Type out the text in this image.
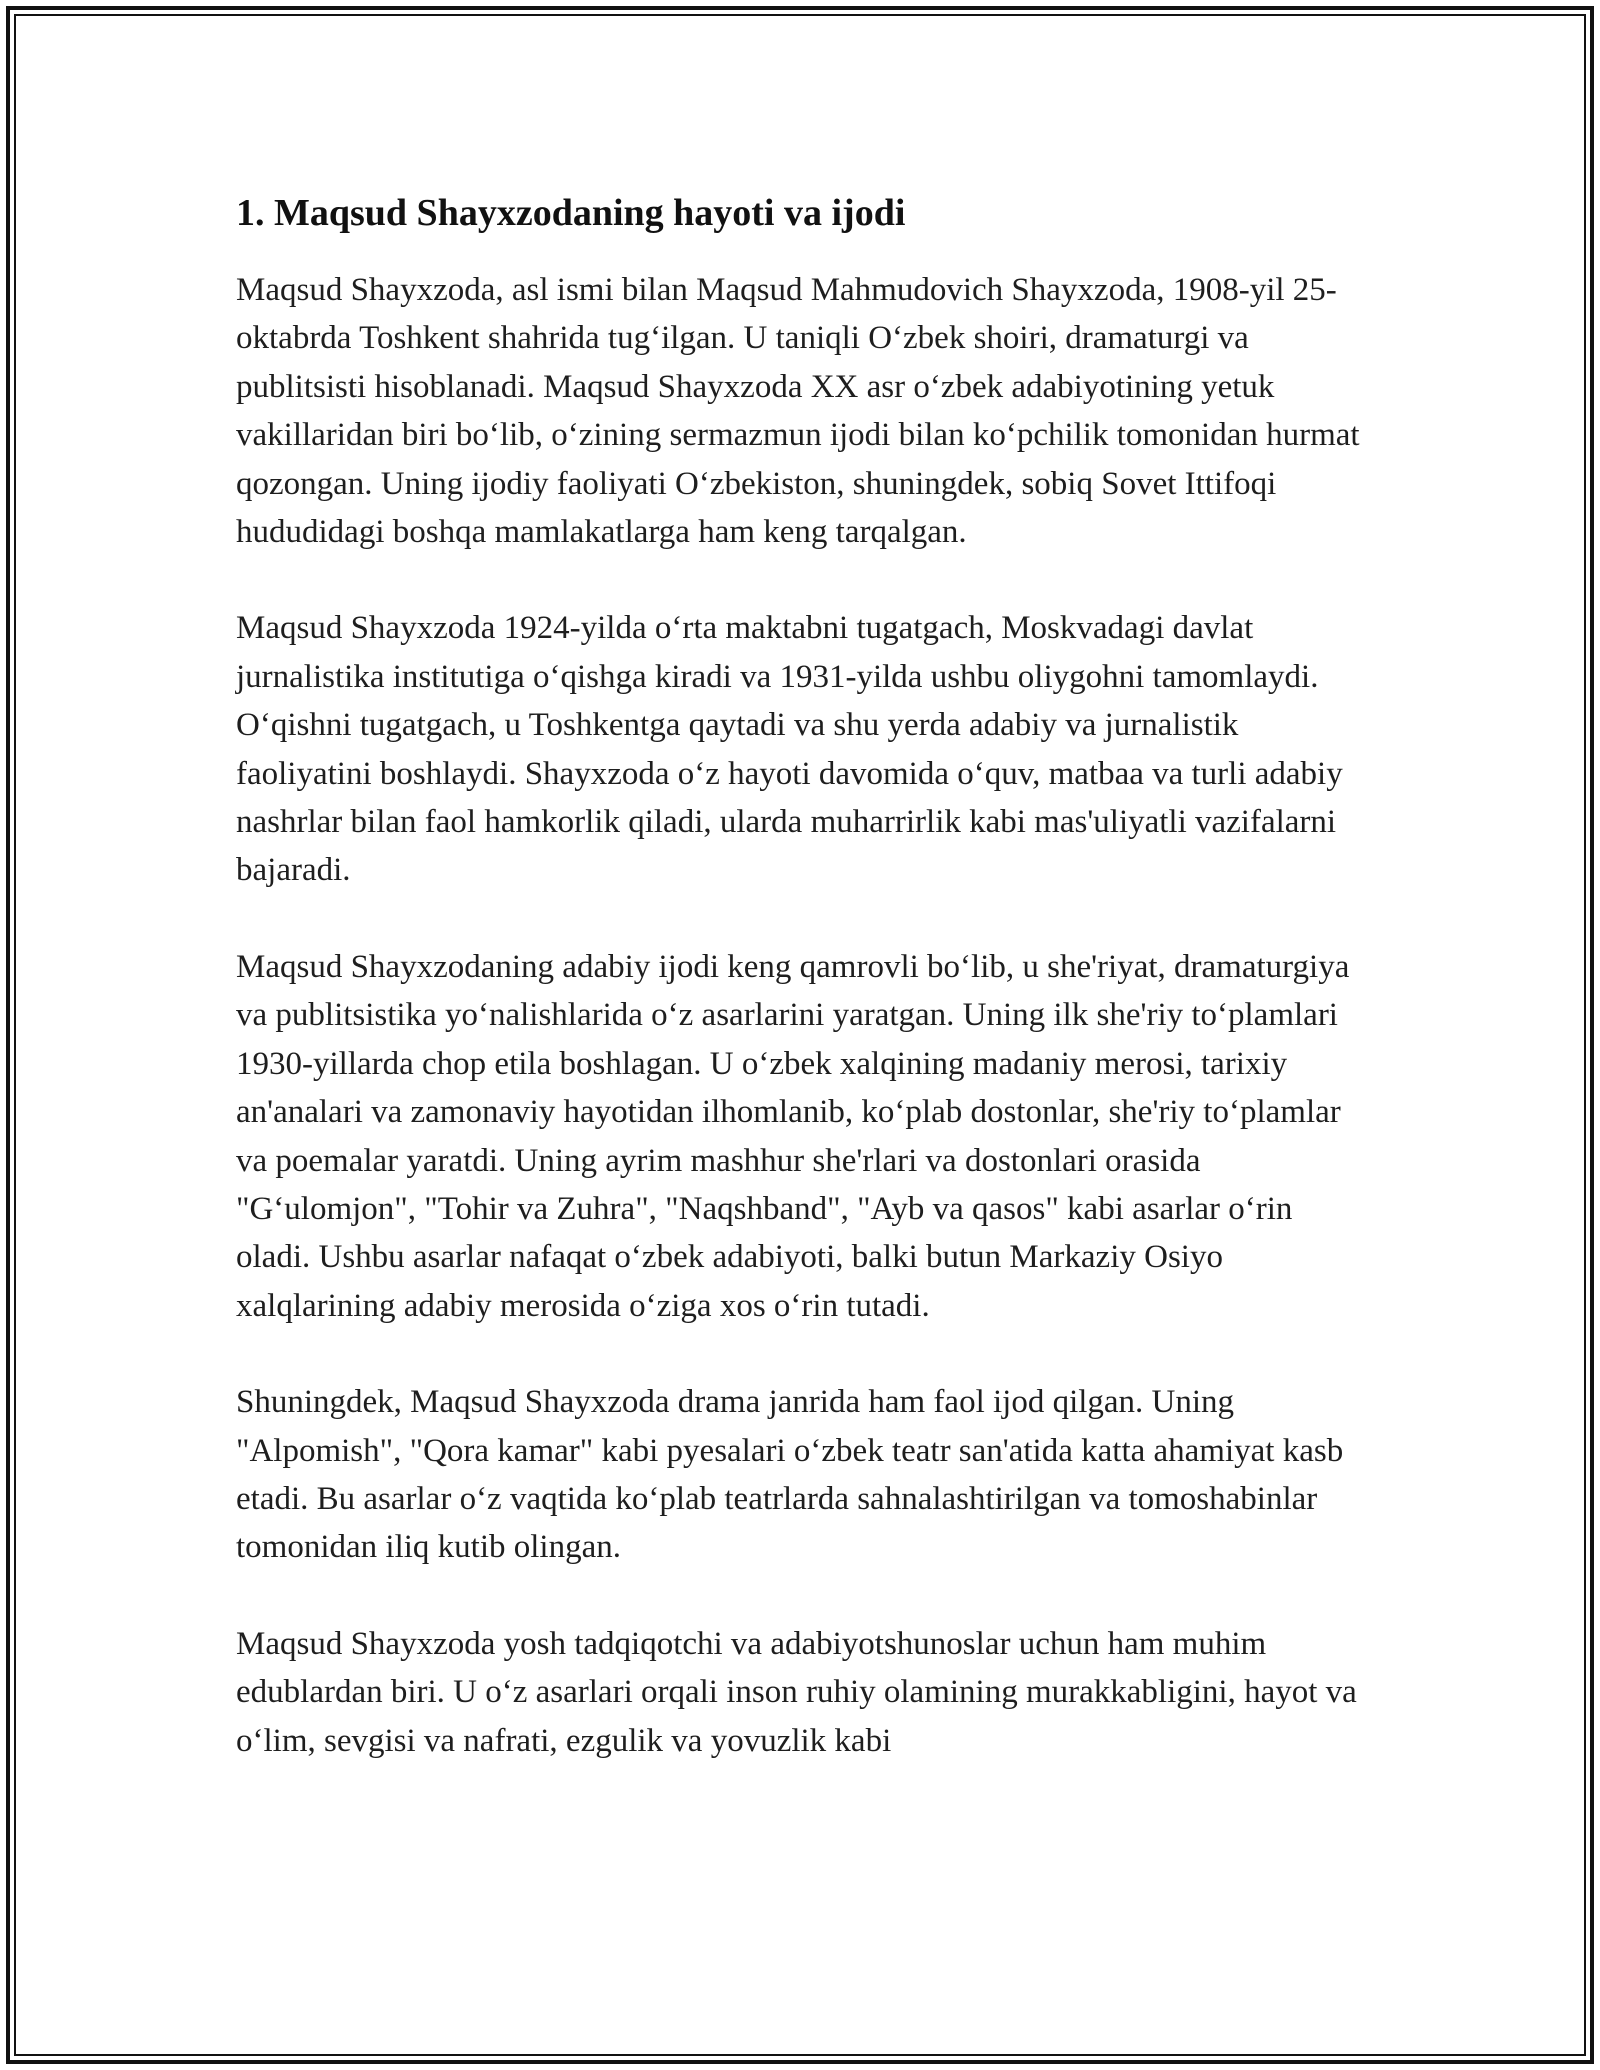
1. Maqsud Shayxzodaning hayoti va ijodi

Maqsud Shayxzoda, asl ismi bilan Maqsud Mahmudovich Shayxzoda, 1908-yil 25-oktabrda Toshkent shahrida tug‘ilgan. U taniqli O‘zbek shoiri, dramaturgi va publitsisti hisoblanadi. Maqsud Shayxzoda XX asr o‘zbek adabiyotining yetuk vakillaridan biri bo‘lib, o‘zining sermazmun ijodi bilan ko‘pchilik tomonidan hurmat qozongan. Uning ijodiy faoliyati O‘zbekiston, shuningdek, sobiq Sovet Ittifoqi hududidagi boshqa mamlakatlarga ham keng tarqalgan.

Maqsud Shayxzoda 1924-yilda o‘rta maktabni tugatgach, Moskvadagi davlat jurnalistika institutiga o‘qishga kiradi va 1931-yilda ushbu oliygohni tamomlaydi. O‘qishni tugatgach, u Toshkentga qaytadi va shu yerda adabiy va jurnalistik faoliyatini boshlaydi. Shayxzoda o‘z hayoti davomida o‘quv, matbaa va turli adabiy nashrlar bilan faol hamkorlik qiladi, ularda muharrirlik kabi mas'uliyatli vazifalarni bajaradi.

Maqsud Shayxzodaning adabiy ijodi keng qamrovli bo‘lib, u she'riyat, dramaturgiya va publitsistika yo‘nalishlarida o‘z asarlarini yaratgan. Uning ilk she'riy to‘plamlari 1930-yillarda chop etila boshlagan. U o‘zbek xalqining madaniy merosi, tarixiy an'analari va zamonaviy hayotidan ilhomlanib, ko‘plab dostonlar, she'riy to‘plamlar va poemalar yaratdi. Uning ayrim mashhur she'rlari va dostonlari orasida "G‘ulomjon", "Tohir va Zuhra", "Naqshband", "Ayb va qasos" kabi asarlar o‘rin oladi. Ushbu asarlar nafaqat o‘zbek adabiyoti, balki butun Markaziy Osiyo xalqlarining adabiy merosida o‘ziga xos o‘rin tutadi.

Shuningdek, Maqsud Shayxzoda drama janrida ham faol ijod qilgan. Uning "Alpomish", "Qora kamar" kabi pyesalari o‘zbek teatr san'atida katta ahamiyat kasb etadi. Bu asarlar o‘z vaqtida ko‘plab teatrlarda sahnalashtirilgan va tomoshabinlar tomonidan iliq kutib olingan.

Maqsud Shayxzoda yosh tadqiqotchi va adabiyotshunoslar uchun ham muhim edublardan biri. U o‘z asarlari orqali inson ruhiy olamining murakkabligini, hayot va o‘lim, sevgisi va nafrati, ezgulik va yovuzlik kabi
